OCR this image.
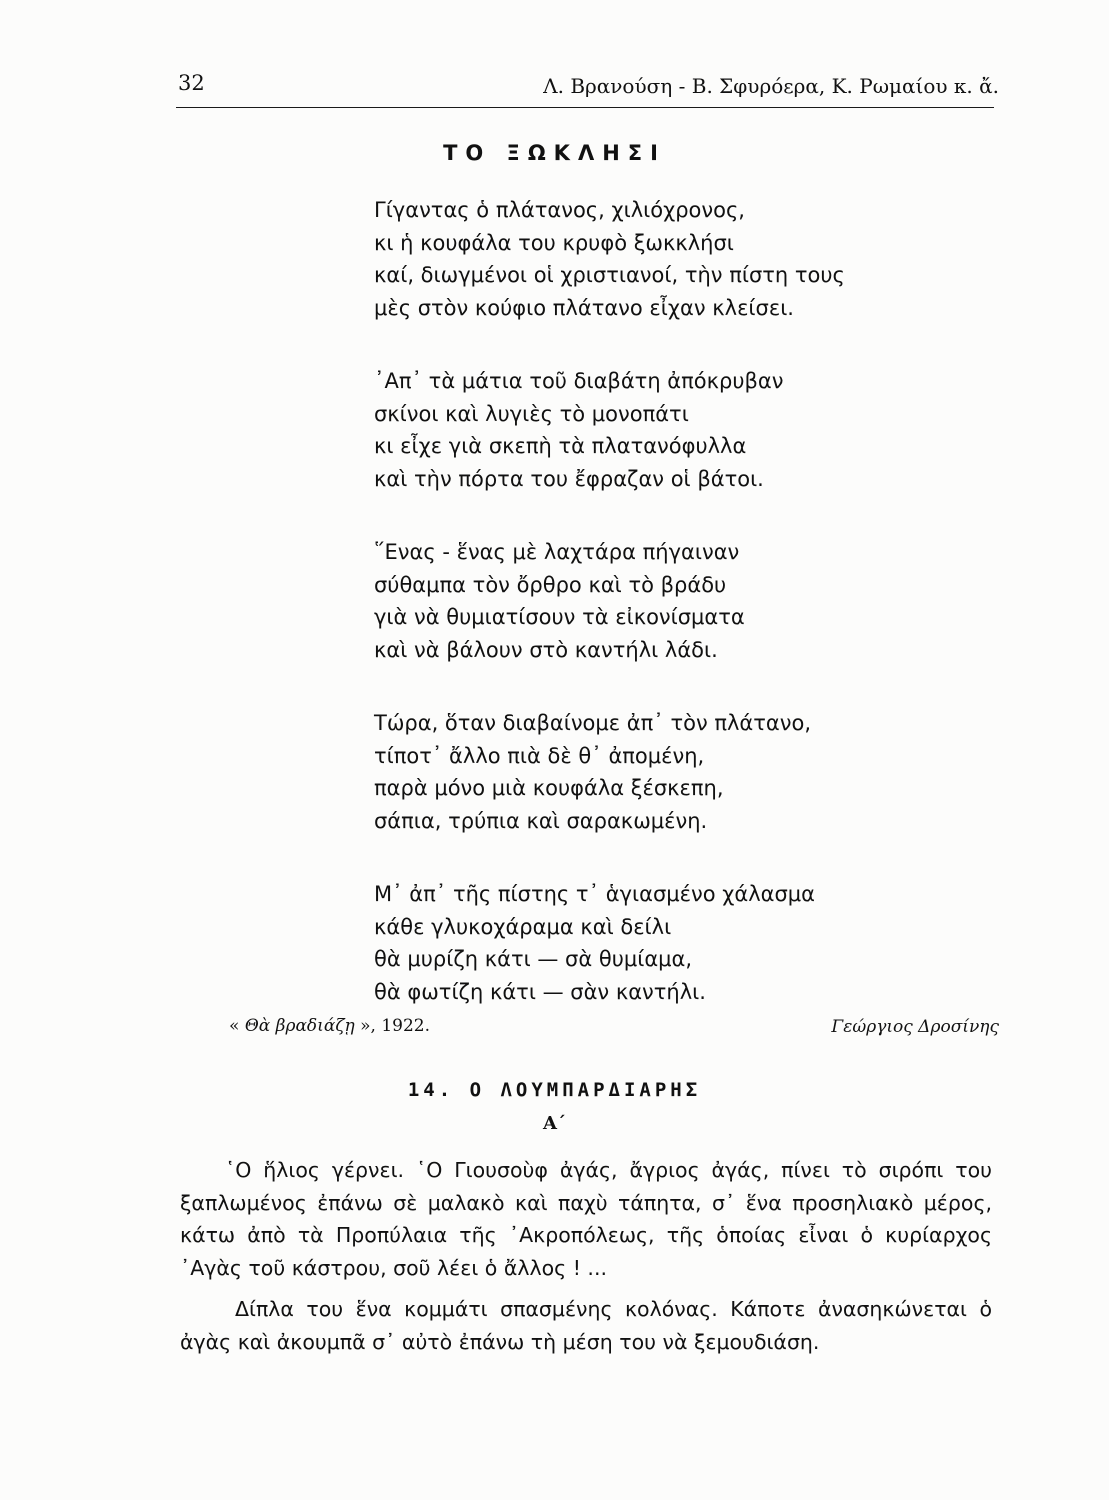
32	Λ. Βρανούση - Β. Σφυρόερα, Κ. Ρωμαίου κ. ἄ.
ΤΟ ΞΩΚΛΗΣΙ
Γίγαντας ὁ πλάτανος, χιλιόχρονος,
κι ἡ κουφάλα του κρυφὸ ξωκκλήσι
καί, διωγμένοι οἱ χριστιανοί, τὴν πίστη τους
μὲς στὸν κούφιο πλάτανο εἶχαν κλείσει.
᾿Απ᾿ τὰ μάτια τοῦ διαβάτη ἀπόκρυβαν
σκίνοι καὶ λυγιὲς τὸ μονοπάτι
κι εἶχε γιὰ σκεπὴ τὰ πλατανόφυλλα
καὶ τὴν πόρτα του ἔφραζαν οἱ βάτοι.
῞Ενας - ἕνας μὲ λαχτάρα πήγαιναν
σύθαμπα τὸν ὄρθρο καὶ τὸ βράδυ
γιὰ νὰ θυμιατίσουν τὰ εἰκονίσματα
καὶ νὰ βάλουν στὸ καντήλι λάδι.
Τώρα, ὅταν διαβαίνομε ἀπ᾿ τὸν πλάτανο,
τίποτ᾿ ἄλλο πιὰ δὲ θ᾿ ἀπομένη,
παρὰ μόνο μιὰ κουφάλα ξέσκεπη,
σάπια, τρύπια καὶ σαρακωμένη.
Μ᾿ ἀπ᾿ τῆς πίστης τ᾿ ἁγιασμένο χάλασμα
κάθε γλυκοχάραμα καὶ δείλι
θὰ μυρίζη κάτι — σὰ θυμίαμα,
θὰ φωτίζη κάτι — σὰν καντήλι.
« Θὰ βραδιάζῃ », 1922.	Γεώργιος Δροσίνης
14. Ο ΛΟΥΜΠΑΡΔΙΑΡΗΣ
Α΄

῾Ο ἥλιος γέρνει. ῾Ο Γιουσοὺφ ἀγάς, ἄγριος ἀγάς, πίνει τὸ σιρόπι του ξαπλωμένος ἐπάνω σὲ μαλακὸ καὶ παχὺ τάπητα, σ᾿ ἕνα προσηλιακὸ μέρος, κάτω ἀπὸ τὰ Προπύλαια τῆς ᾿Ακροπόλεως, τῆς ὁποίας εἶναι ὁ κυρίαρχος ᾿Αγὰς τοῦ κάστρου, σοῦ λέει ὁ ἄλλος ! ...

Δίπλα του ἕνα κομμάτι σπασμένης κολόνας. Κάποτε ἀνασηκώνεται ὁ ἀγὰς καὶ ἀκουμπᾶ σ᾿ αὐτὸ ἐπάνω τὴ μέση του νὰ ξεμουδιάση.
